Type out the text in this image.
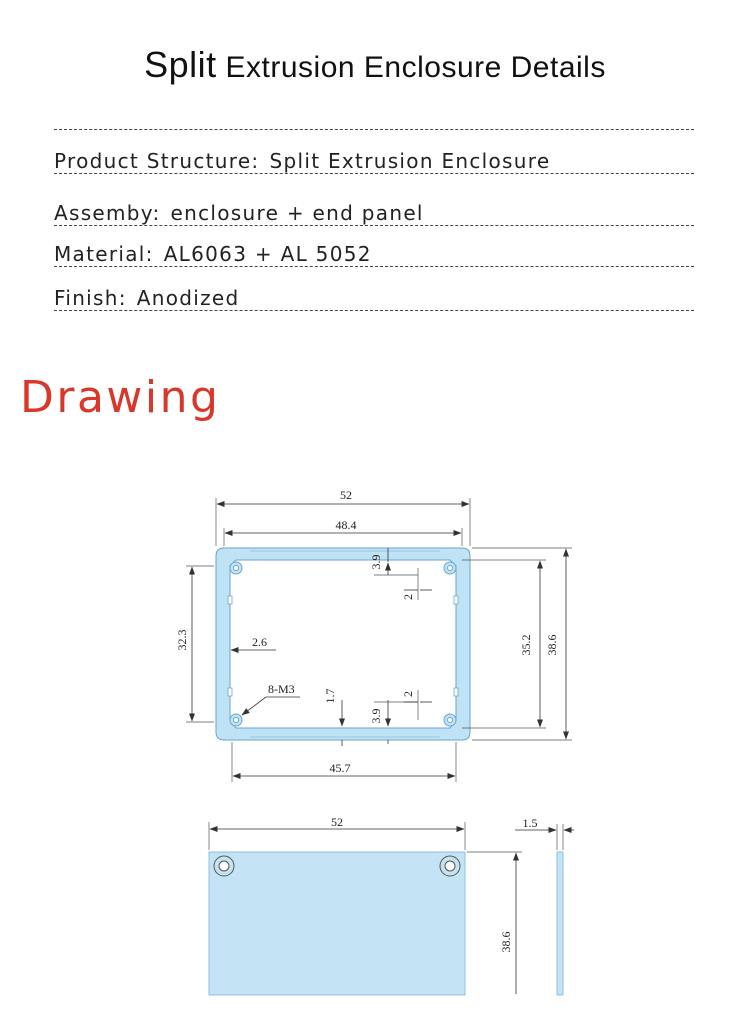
Split Extrusion Enclosure Details
Product Structure: Split Extrusion Enclosure
Assemby: enclosure + end panel
Material: AL6063 + AL 5052
Finish: Anodized
Drawing
52
48.4
45.7
38.6
35.2
32.3	2.6
8-M3
3.9
2
1.7
3.9
2
52
38.6
1.5
